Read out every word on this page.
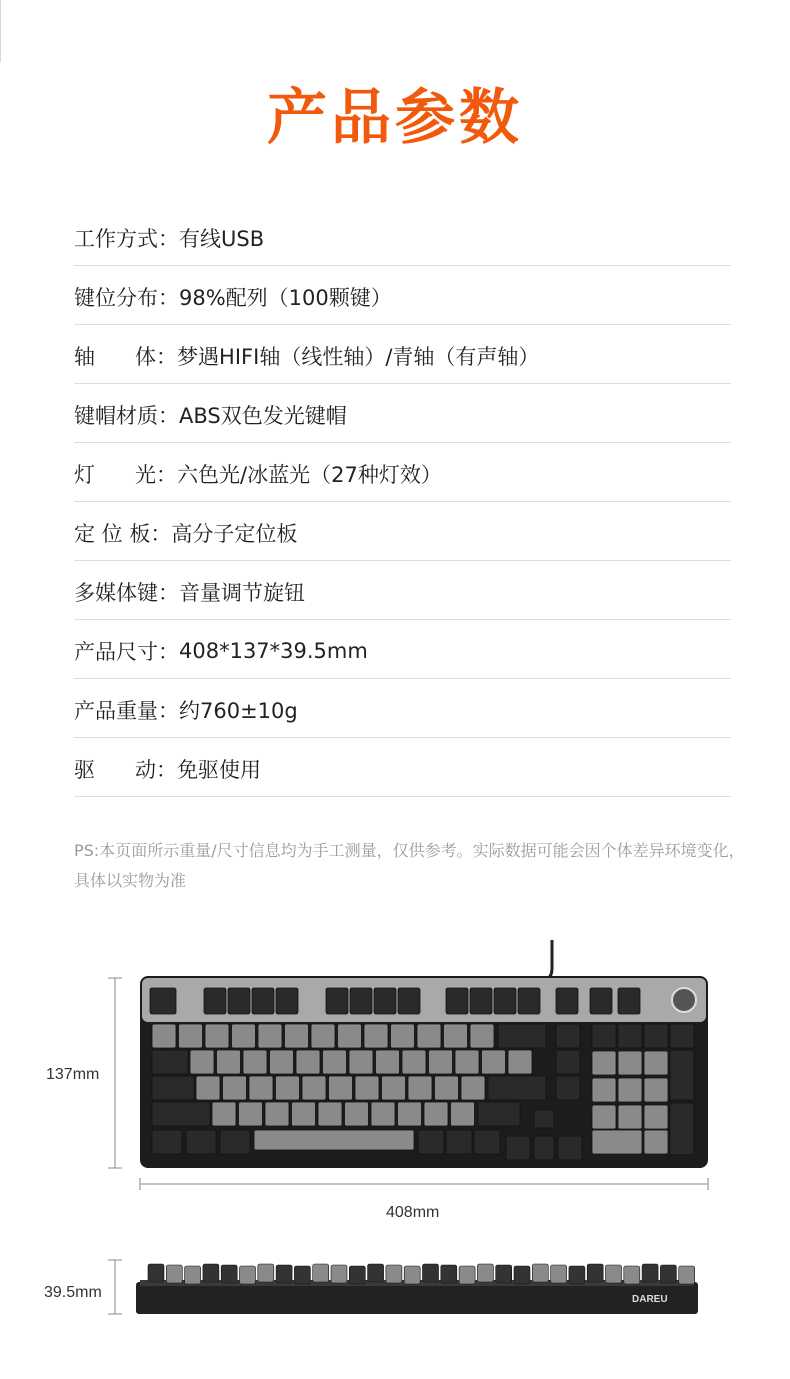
产品参数
工作方式： 有线USB
键位分布： 98%配列（100颗键）
轴      体： 梦遇HIFI轴（线性轴）/青轴（有声轴）
键帽材质： ABS双色发光键帽
灯      光： 六色光/冰蓝光（27种灯效）
定 位 板： 高分子定位板
多媒体键： 音量调节旋钮
产品尺寸： 408*137*39.5mm
产品重量： 约760±10g
驱      动： 免驱使用
PS:本页面所示重量/尺寸信息均为手工测量，仅供参考。实际数据可能会因个体差异环境变化，具体以实物为准
DAREU
137mm
408mm
39.5mm
